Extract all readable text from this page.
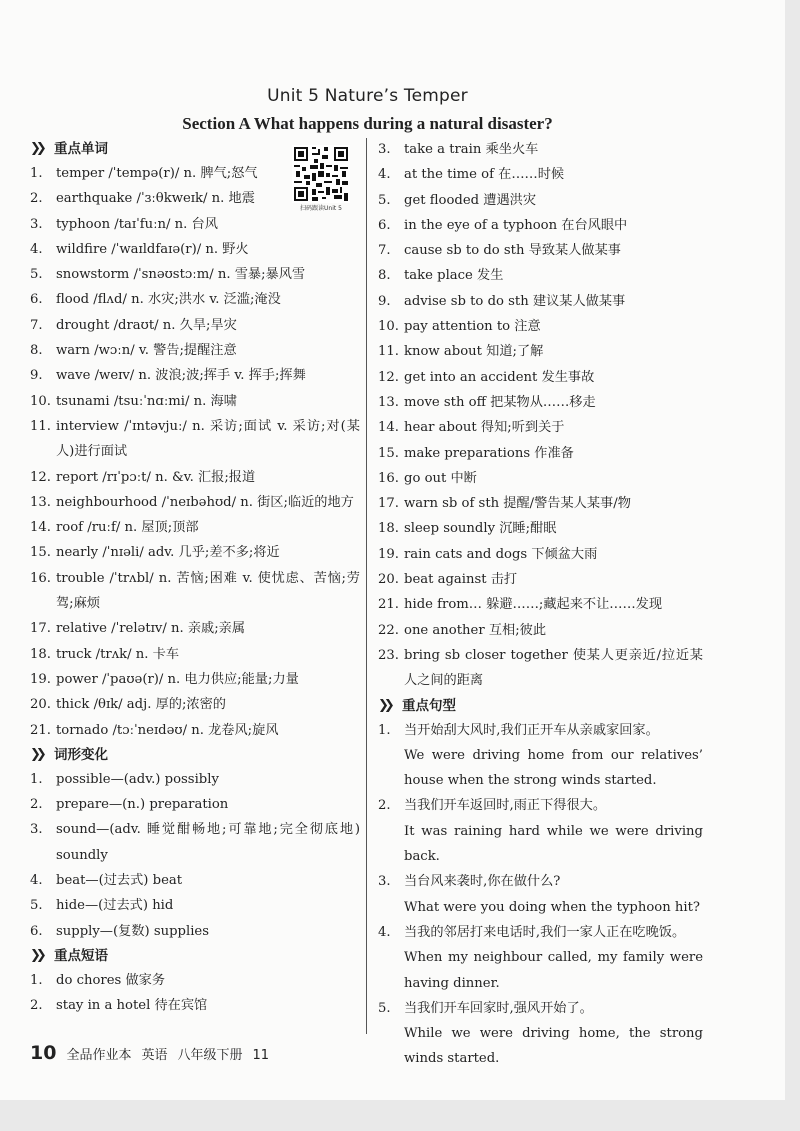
Unit 5 Nature’s Temper
Section A What happens during a natural disaster?
扫码跟读Unit 5
❯❯ 重点单词
1.	temper /ˈtempə(r)/ n. 脾气;怒气
2.	earthquake /ˈɜːθkweɪk/ n. 地震
3.	typhoon /taɪˈfuːn/ n. 台风
4.	wildfire /ˈwaɪldfaɪə(r)/ n. 野火
5.	snowstorm /ˈsnəʊstɔːm/ n. 雪暴;暴风雪
6.	flood /flʌd/ n. 水灾;洪水 v. 泛滥;淹没
7.	drought /draʊt/ n. 久旱;旱灾
8.	warn /wɔːn/ v. 警告;提醒注意
9.	wave /weɪv/ n. 波浪;波;挥手 v. 挥手;挥舞
10. tsunami /tsuːˈnɑːmi/ n. 海啸
11. interview /ˈɪntəvjuː/ n. 采访;面试 v. 采访;对(某人)进行面试
12. report /rɪˈpɔːt/ n. &v. 汇报;报道
13. neighbourhood /ˈneɪbəhʊd/ n. 街区;临近的地方
14. roof /ruːf/ n. 屋顶;顶部
15. nearly /ˈnɪəli/ adv. 几乎;差不多;将近
16. trouble /ˈtrʌbl/ n. 苦恼;困难 v. 使忧虑、苦恼;劳驾;麻烦
17. relative /ˈrelətɪv/ n. 亲戚;亲属
18. truck /trʌk/ n. 卡车
19. power /ˈpaʊə(r)/ n. 电力供应;能量;力量
20. thick /θɪk/ adj. 厚的;浓密的
21. tornado /tɔːˈneɪdəʊ/ n. 龙卷风;旋风
❯❯ 词形变化
1.	possible—(adv.) possibly
2.	prepare—(n.) preparation
3.	sound—(adv. 睡觉酣畅地;可靠地;完全彻底地) soundly
4.	beat—(过去式) beat
5.	hide—(过去式) hid
6.	supply—(复数) supplies
❯❯ 重点短语
1.	do chores 做家务
2.	stay in a hotel 待在宾馆
3.	take a train 乘坐火车
4.	at the time of 在……时候
5.	get flooded 遭遇洪灾
6.	in the eye of a typhoon 在台风眼中
7.	cause sb to do sth 导致某人做某事
8.	take place 发生
9.	advise sb to do sth 建议某人做某事
10. pay attention to 注意
11. know about 知道;了解
12. get into an accident 发生事故
13. move sth off 把某物从……移走
14. hear about 得知;听到关于
15. make preparations 作准备
16. go out 中断
17. warn sb of sth 提醒/警告某人某事/物
18. sleep soundly 沉睡;酣眠
19. rain cats and dogs 下倾盆大雨
20. beat against 击打
21. hide from… 躲避……;藏起来不让……发现
22. one another 互相;彼此
23. bring sb closer together 使某人更亲近/拉近某人之间的距离
❯❯ 重点句型
1.	当开始刮大风时,我们正开车从亲戚家回家。
We were driving home from our relatives’ house when the strong winds started.
2.	当我们开车返回时,雨正下得很大。
It was raining hard while we were driving back.
3.	当台风来袭时,你在做什么?
What were you doing when the typhoon hit?
4.	当我的邻居打来电话时,我们一家人正在吃晚饭。
When my neighbour called, my family were having dinner.
5.	当我们开车回家时,强风开始了。
While we were driving home, the strong winds started.
10 全品作业本 英语 八年级下册 11
